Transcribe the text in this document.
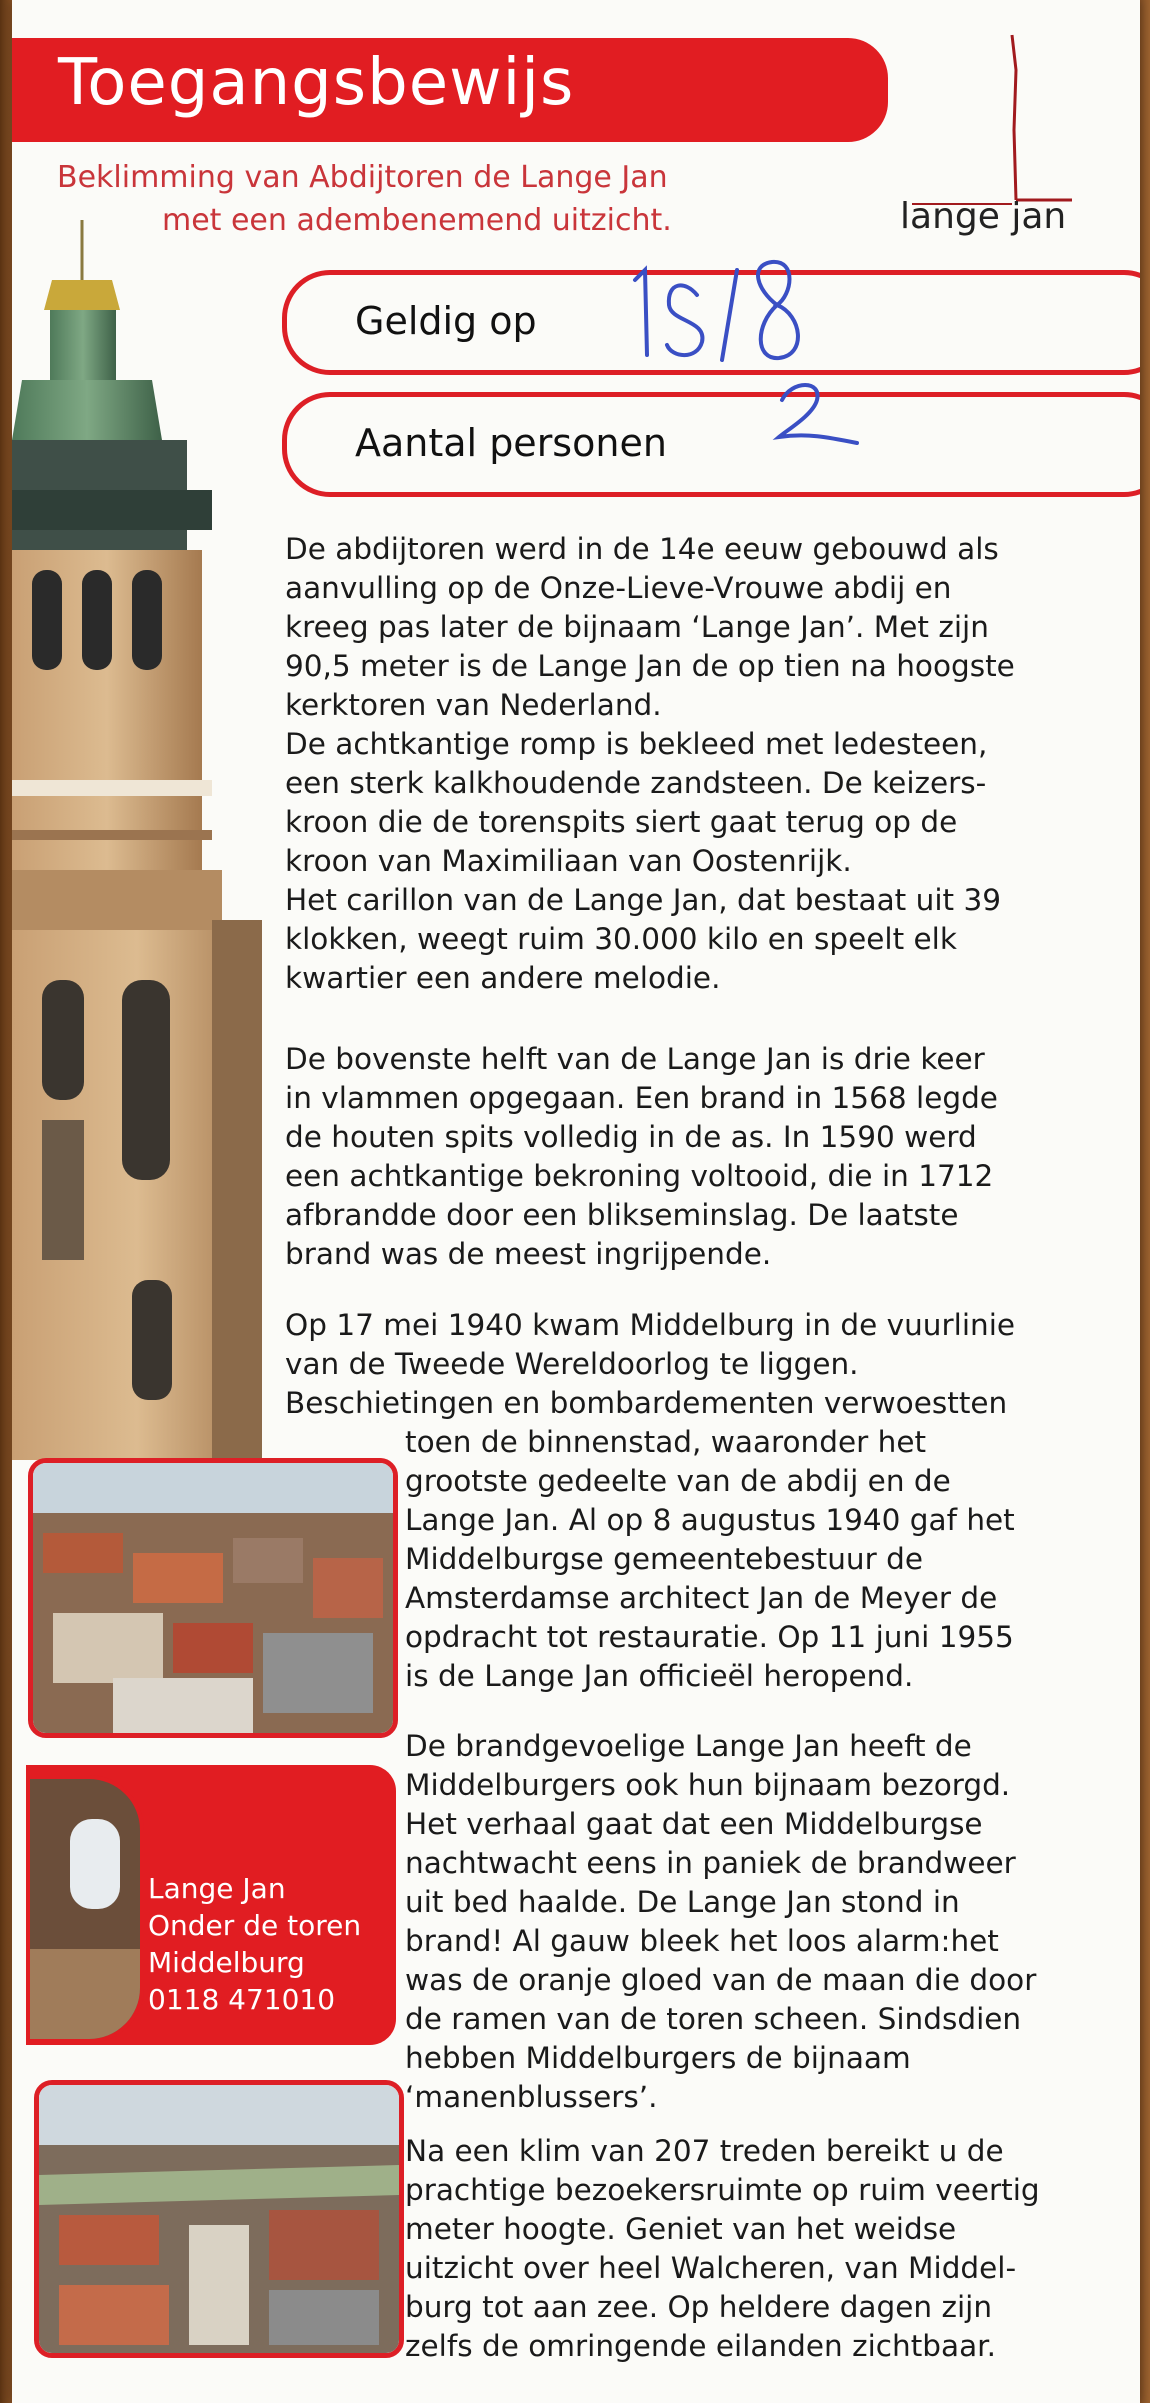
Toegangsbewijs
Beklimming van Abdijtoren de Lange Jan
met een adembenemend uitzicht.	lange jan
Geldig op
Aantal personen
De abdijtoren werd in de 14e eeuw gebouwd als
aanvulling op de Onze-Lieve-Vrouwe abdij en
kreeg pas later de bijnaam ‘Lange Jan’. Met zijn
90,5 meter is de Lange Jan de op tien na hoogste
kerktoren van Nederland.
De achtkantige romp is bekleed met ledesteen,
een sterk kalkhoudende zandsteen. De keizers-
kroon die de torenspits siert gaat terug op de
kroon van Maximiliaan van Oostenrijk.
Het carillon van de Lange Jan, dat bestaat uit 39
klokken, weegt ruim 30.000 kilo en speelt elk
kwartier een andere melodie.
De bovenste helft van de Lange Jan is drie keer
in vlammen opgegaan. Een brand in 1568 legde
de houten spits volledig in de as. In 1590 werd
een achtkantige bekroning voltooid, die in 1712
afbrandde door een blikseminslag. De laatste
brand was de meest ingrijpende.
Op 17 mei 1940 kwam Middelburg in de vuurlinie
van de Tweede Wereldoorlog te liggen.
Beschietingen en bombardementen verwoestten
toen de binnenstad, waaronder het
grootste gedeelte van de abdij en de
Lange Jan. Al op 8 augustus 1940 gaf het
Middelburgse gemeentebestuur de
Amsterdamse architect Jan de Meyer de
opdracht tot restauratie. Op 11 juni 1955
is de Lange Jan officieël heropend.
De brandgevoelige Lange Jan heeft de
Middelburgers ook hun bijnaam bezorgd.
Het verhaal gaat dat een Middelburgse
nachtwacht eens in paniek de brandweer
uit bed haalde. De Lange Jan stond in
brand! Al gauw bleek het loos alarm:het
was de oranje gloed van de maan die door
de ramen van de toren scheen. Sindsdien
hebben Middelburgers de bijnaam
‘manenblussers’.
Na een klim van 207 treden bereikt u de
prachtige bezoekersruimte op ruim veertig
meter hoogte. Geniet van het weidse
uitzicht over heel Walcheren, van Middel-
burg tot aan zee. Op heldere dagen zijn
zelfs de omringende eilanden zichtbaar.
Lange Jan
Onder de toren
Middelburg
0118 471010
